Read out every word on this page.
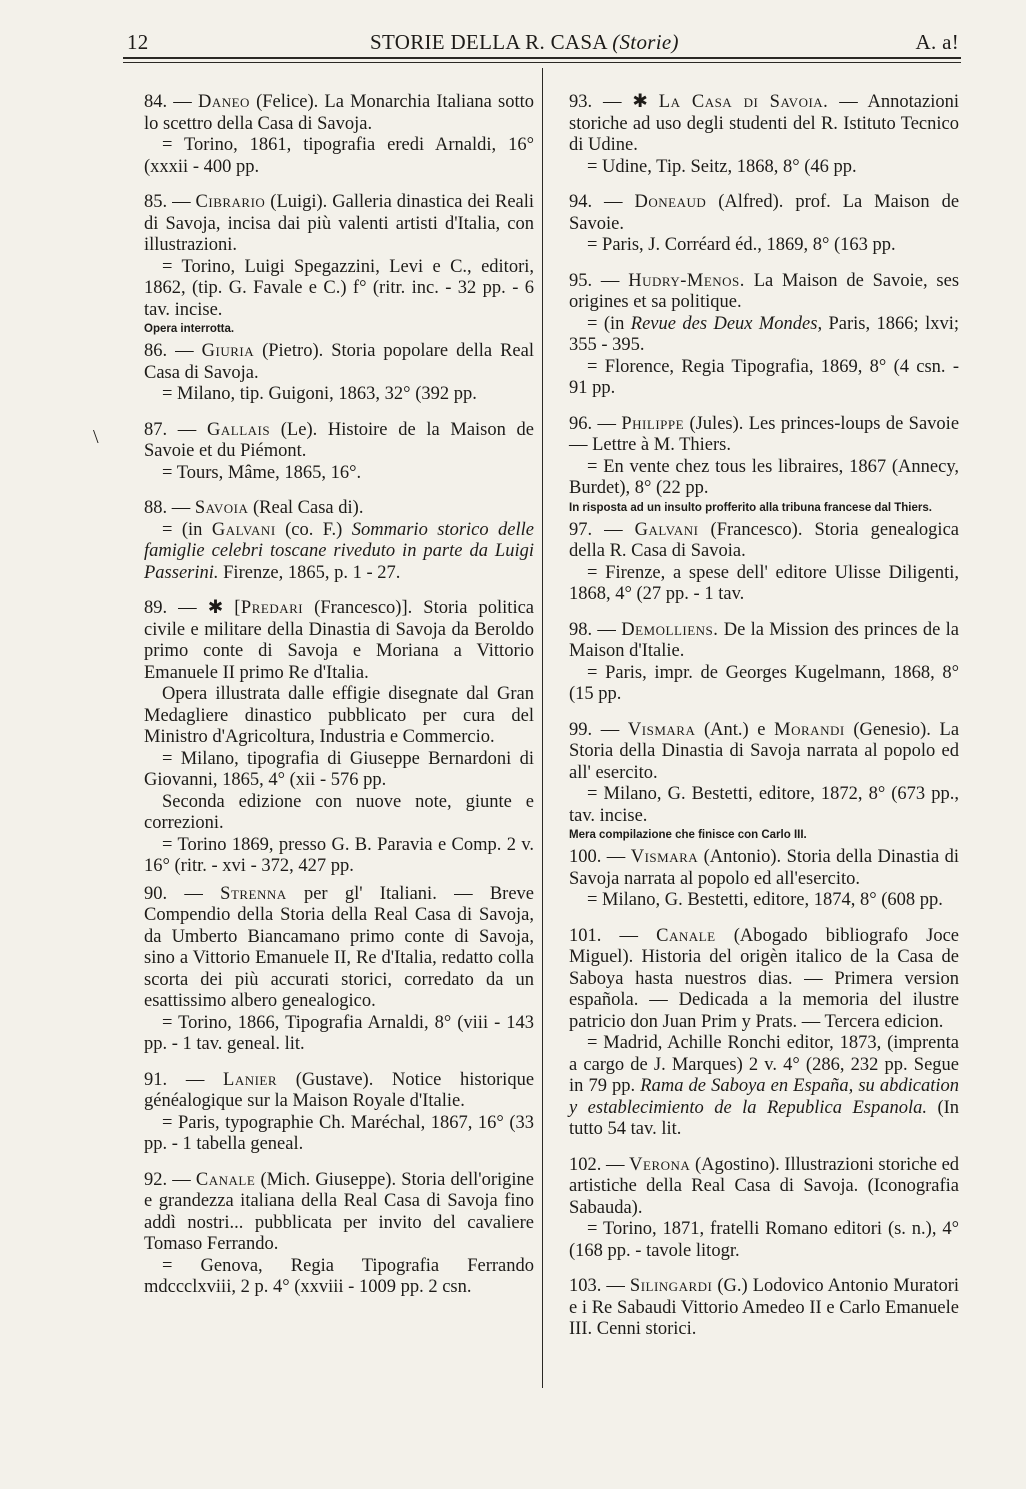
12	STORIE DELLA R. CASA (Storie)	A. a!
\

84. — Daneo (Felice). La Monarchia Italiana sotto lo scettro della Casa di Savoja.

= Torino, 1861, tipografia eredi Arnaldi, 16° (xxxii - 400 pp.

85. — Cibrario (Luigi). Galleria dinastica dei Reali di Savoja, incisa dai più valenti artisti d'Italia, con illustrazioni.

= Torino, Luigi Spegazzini, Levi e C., editori, 1862, (tip. G. Favale e C.) f° (ritr. inc. - 32 pp. - 6 tav. incise.

Opera interrotta.

86. — Giuria (Pietro). Storia popolare della Real Casa di Savoja.

= Milano, tip. Guigoni, 1863, 32° (392 pp.

87. — Gallais (Le). Histoire de la Maison de Savoie et du Piémont.

= Tours, Mâme, 1865, 16°.

88. — Savoia (Real Casa di).

= (in Galvani (co. F.) Sommario storico delle famiglie celebri toscane riveduto in parte da Luigi Passerini. Firenze, 1865, p. 1 - 27.

89. — ✱ [Predari (Francesco)]. Storia politica civile e militare della Dinastia di Savoja da Beroldo primo conte di Savoja e Moriana a Vittorio Emanuele II primo Re d'Italia.

Opera illustrata dalle effigie disegnate dal Gran Medagliere dinastico pubblicato per cura del Ministro d'Agricoltura, Industria e Commercio.

= Milano, tipografia di Giuseppe Bernardoni di Giovanni, 1865, 4° (xii - 576 pp.

Seconda edizione con nuove note, giunte e correzioni.

= Torino 1869, presso G. B. Paravia e Comp. 2 v. 16° (ritr. - xvi - 372, 427 pp.

90. — Strenna per gl' Italiani. — Breve Compendio della Storia della Real Casa di Savoja, da Umberto Biancamano primo conte di Savoja, sino a Vittorio Emanuele II, Re d'Italia, redatto colla scorta dei più accurati storici, corredato da un esattissimo albero genealogico.

= Torino, 1866, Tipografia Arnaldi, 8° (viii - 143 pp. - 1 tav. geneal. lit.

91. — Lanier (Gustave). Notice historique généalogique sur la Maison Royale d'Italie.

= Paris, typographie Ch. Maréchal, 1867, 16° (33 pp. - 1 tabella geneal.

92. — Canale (Mich. Giuseppe). Storia dell'origine e grandezza italiana della Real Casa di Savoja fino addì nostri... pubblicata per invito del cavaliere Tomaso Ferrando.

= Genova, Regia Tipografia Ferrando mdccclxviii, 2 p. 4° (xxviii - 1009 pp. 2 csn.

93. — ✱ La Casa di Savoia. — Annotazioni storiche ad uso degli studenti del R. Istituto Tecnico di Udine.

= Udine, Tip. Seitz, 1868, 8° (46 pp.

94. — Doneaud (Alfred). prof. La Maison de Savoie.

= Paris, J. Corréard éd., 1869, 8° (163 pp.

95. — Hudry-Menos. La Maison de Savoie, ses origines et sa politique.

= (in Revue des Deux Mondes, Paris, 1866; lxvi; 355 - 395.

= Florence, Regia Tipografia, 1869, 8° (4 csn. - 91 pp.

96. — Philippe (Jules). Les princes-loups de Savoie — Lettre à M. Thiers.

= En vente chez tous les libraires, 1867 (Annecy, Burdet), 8° (22 pp.

In risposta ad un insulto profferito alla tribuna francese dal Thiers.

97. — Galvani (Francesco). Storia genealogica della R. Casa di Savoia.

= Firenze, a spese dell' editore Ulisse Diligenti, 1868, 4° (27 pp. - 1 tav.

98. — Demolliens. De la Mission des princes de la Maison d'Italie.

= Paris, impr. de Georges Kugelmann, 1868, 8° (15 pp.

99. — Vismara (Ant.) e Morandi (Genesio). La Storia della Dinastia di Savoja narrata al popolo ed all' esercito.

= Milano, G. Bestetti, editore, 1872, 8° (673 pp., tav. incise.

Mera compilazione che finisce con Carlo III.

100. — Vismara (Antonio). Storia della Dinastia di Savoja narrata al popolo ed all'esercito.

= Milano, G. Bestetti, editore, 1874, 8° (608 pp.

101. — Canale (Abogado bibliografo Joce Miguel). Historia del origèn italico de la Casa de Saboya hasta nuestros dias. — Primera version española. — Dedicada a la memoria del ilustre patricio don Juan Prim y Prats. — Tercera edicion.

= Madrid, Achille Ronchi editor, 1873, (imprenta a cargo de J. Marques) 2 v. 4° (286, 232 pp. Segue in 79 pp. Rama de Saboya en España, su abdication y establecimiento de la Republica Espanola. (In tutto 54 tav. lit.

102. — Verona (Agostino). Illustrazioni storiche ed artistiche della Real Casa di Savoja. (Iconografia Sabauda).

= Torino, 1871, fratelli Romano editori (s. n.), 4° (168 pp. - tavole litogr.

103. — Silingardi (G.) Lodovico Antonio Muratori e i Re Sabaudi Vittorio Amedeo II e Carlo Emanuele III. Cenni storici.
